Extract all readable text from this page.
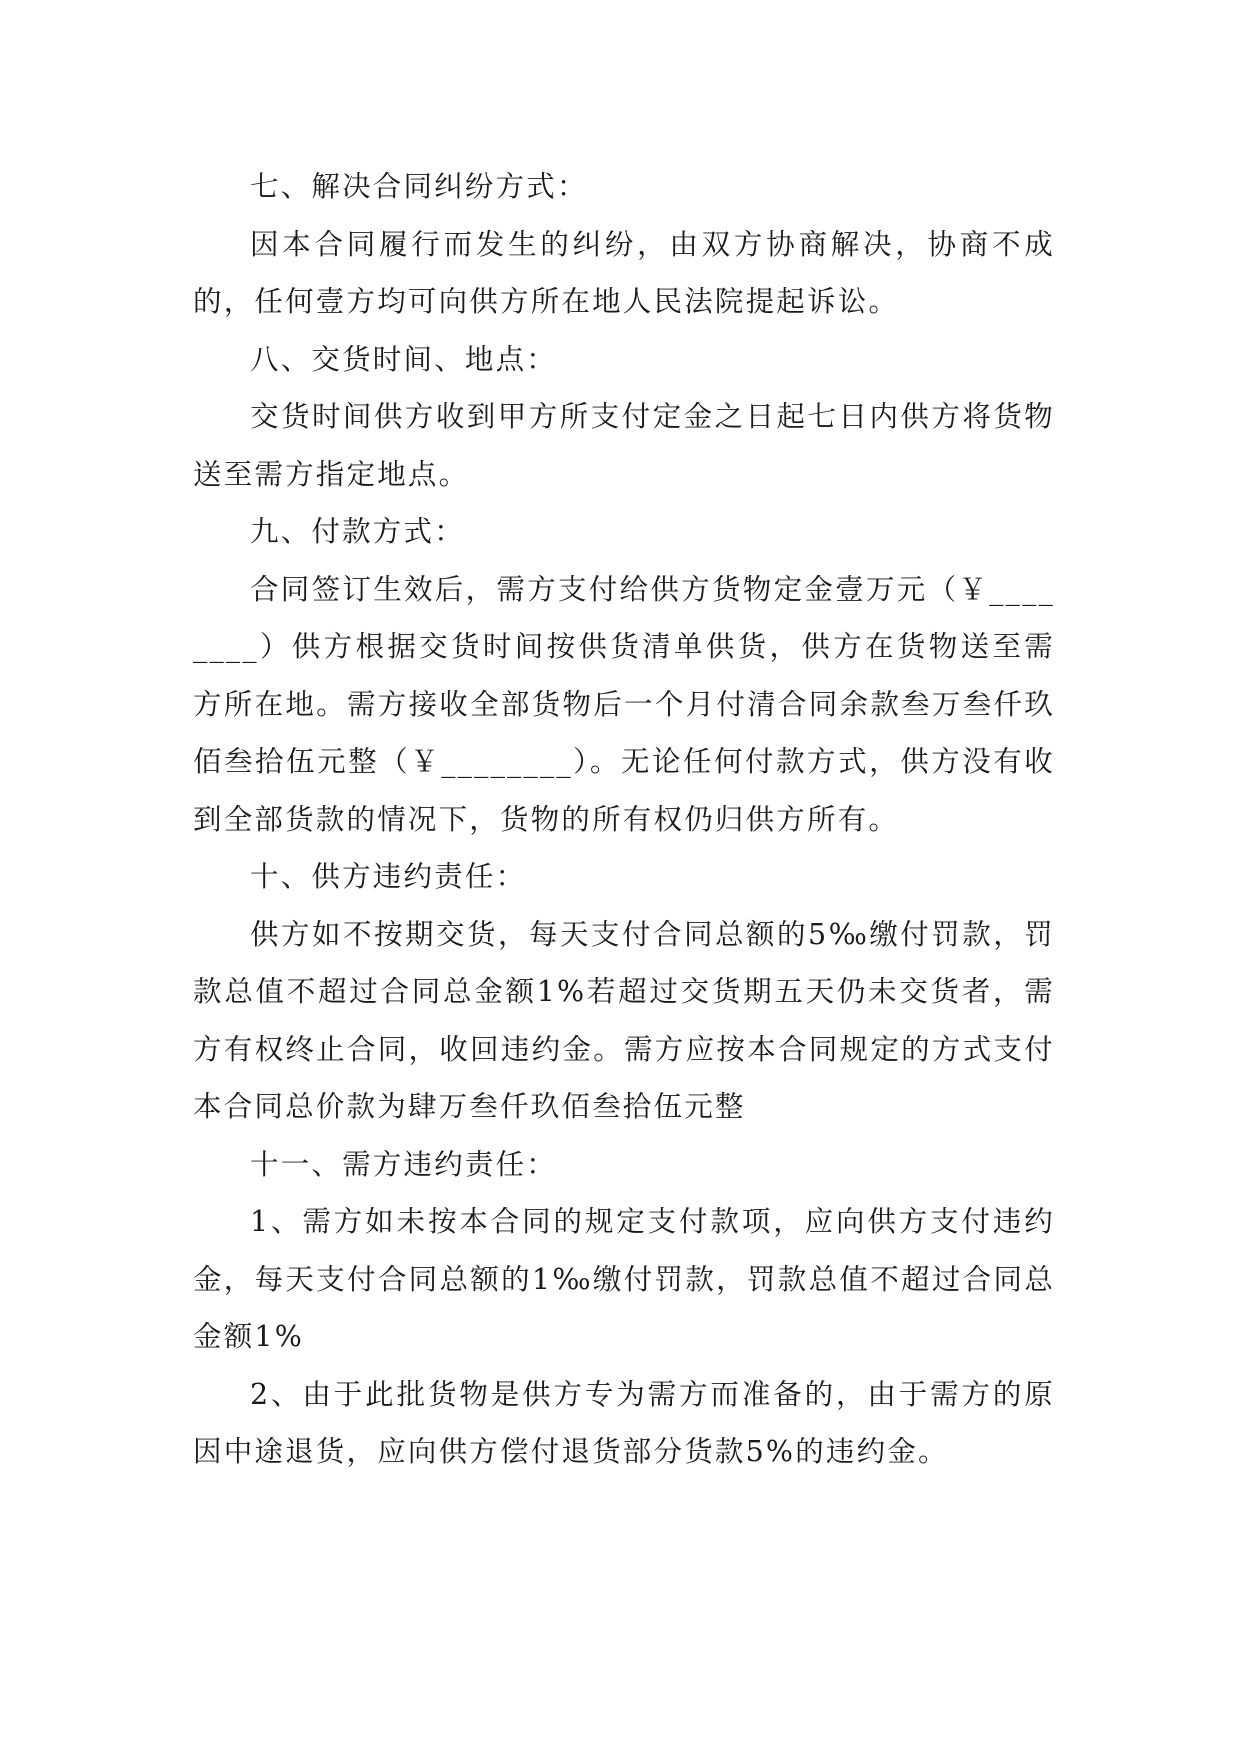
七、解决合同纠纷方式：

因本合同履行而发生的纠纷，由双方协商解决，协商不成的，任何壹方均可向供方所在地人民法院提起诉讼。

八、交货时间、地点：

交货时间供方收到甲方所支付定金之日起七日内供方将货物送至需方指定地点。

九、付款方式：

合同签订生效后，需方支付给供方货物定金壹万元（￥________）供方根据交货时间按供货清单供货，供方在货物送至需方所在地。需方接收全部货物后一个月付清合同余款叁万叁仟玖佰叁拾伍元整（￥________）。无论任何付款方式，供方没有收到全部货款的情况下，货物的所有权仍归供方所有。

十、供方违约责任：

供方如不按期交货，每天支付合同总额的5‰缴付罚款，罚款总值不超过合同总金额1%若超过交货期五天仍未交货者，需方有权终止合同，收回违约金。需方应按本合同规定的方式支付本合同总价款为肆万叁仟玖佰叁拾伍元整

十一、需方违约责任：

1、需方如未按本合同的规定支付款项，应向供方支付违约金，每天支付合同总额的1‰缴付罚款，罚款总值不超过合同总金额1%

2、由于此批货物是供方专为需方而准备的，由于需方的原因中途退货，应向供方偿付退货部分货款5%的违约金。
